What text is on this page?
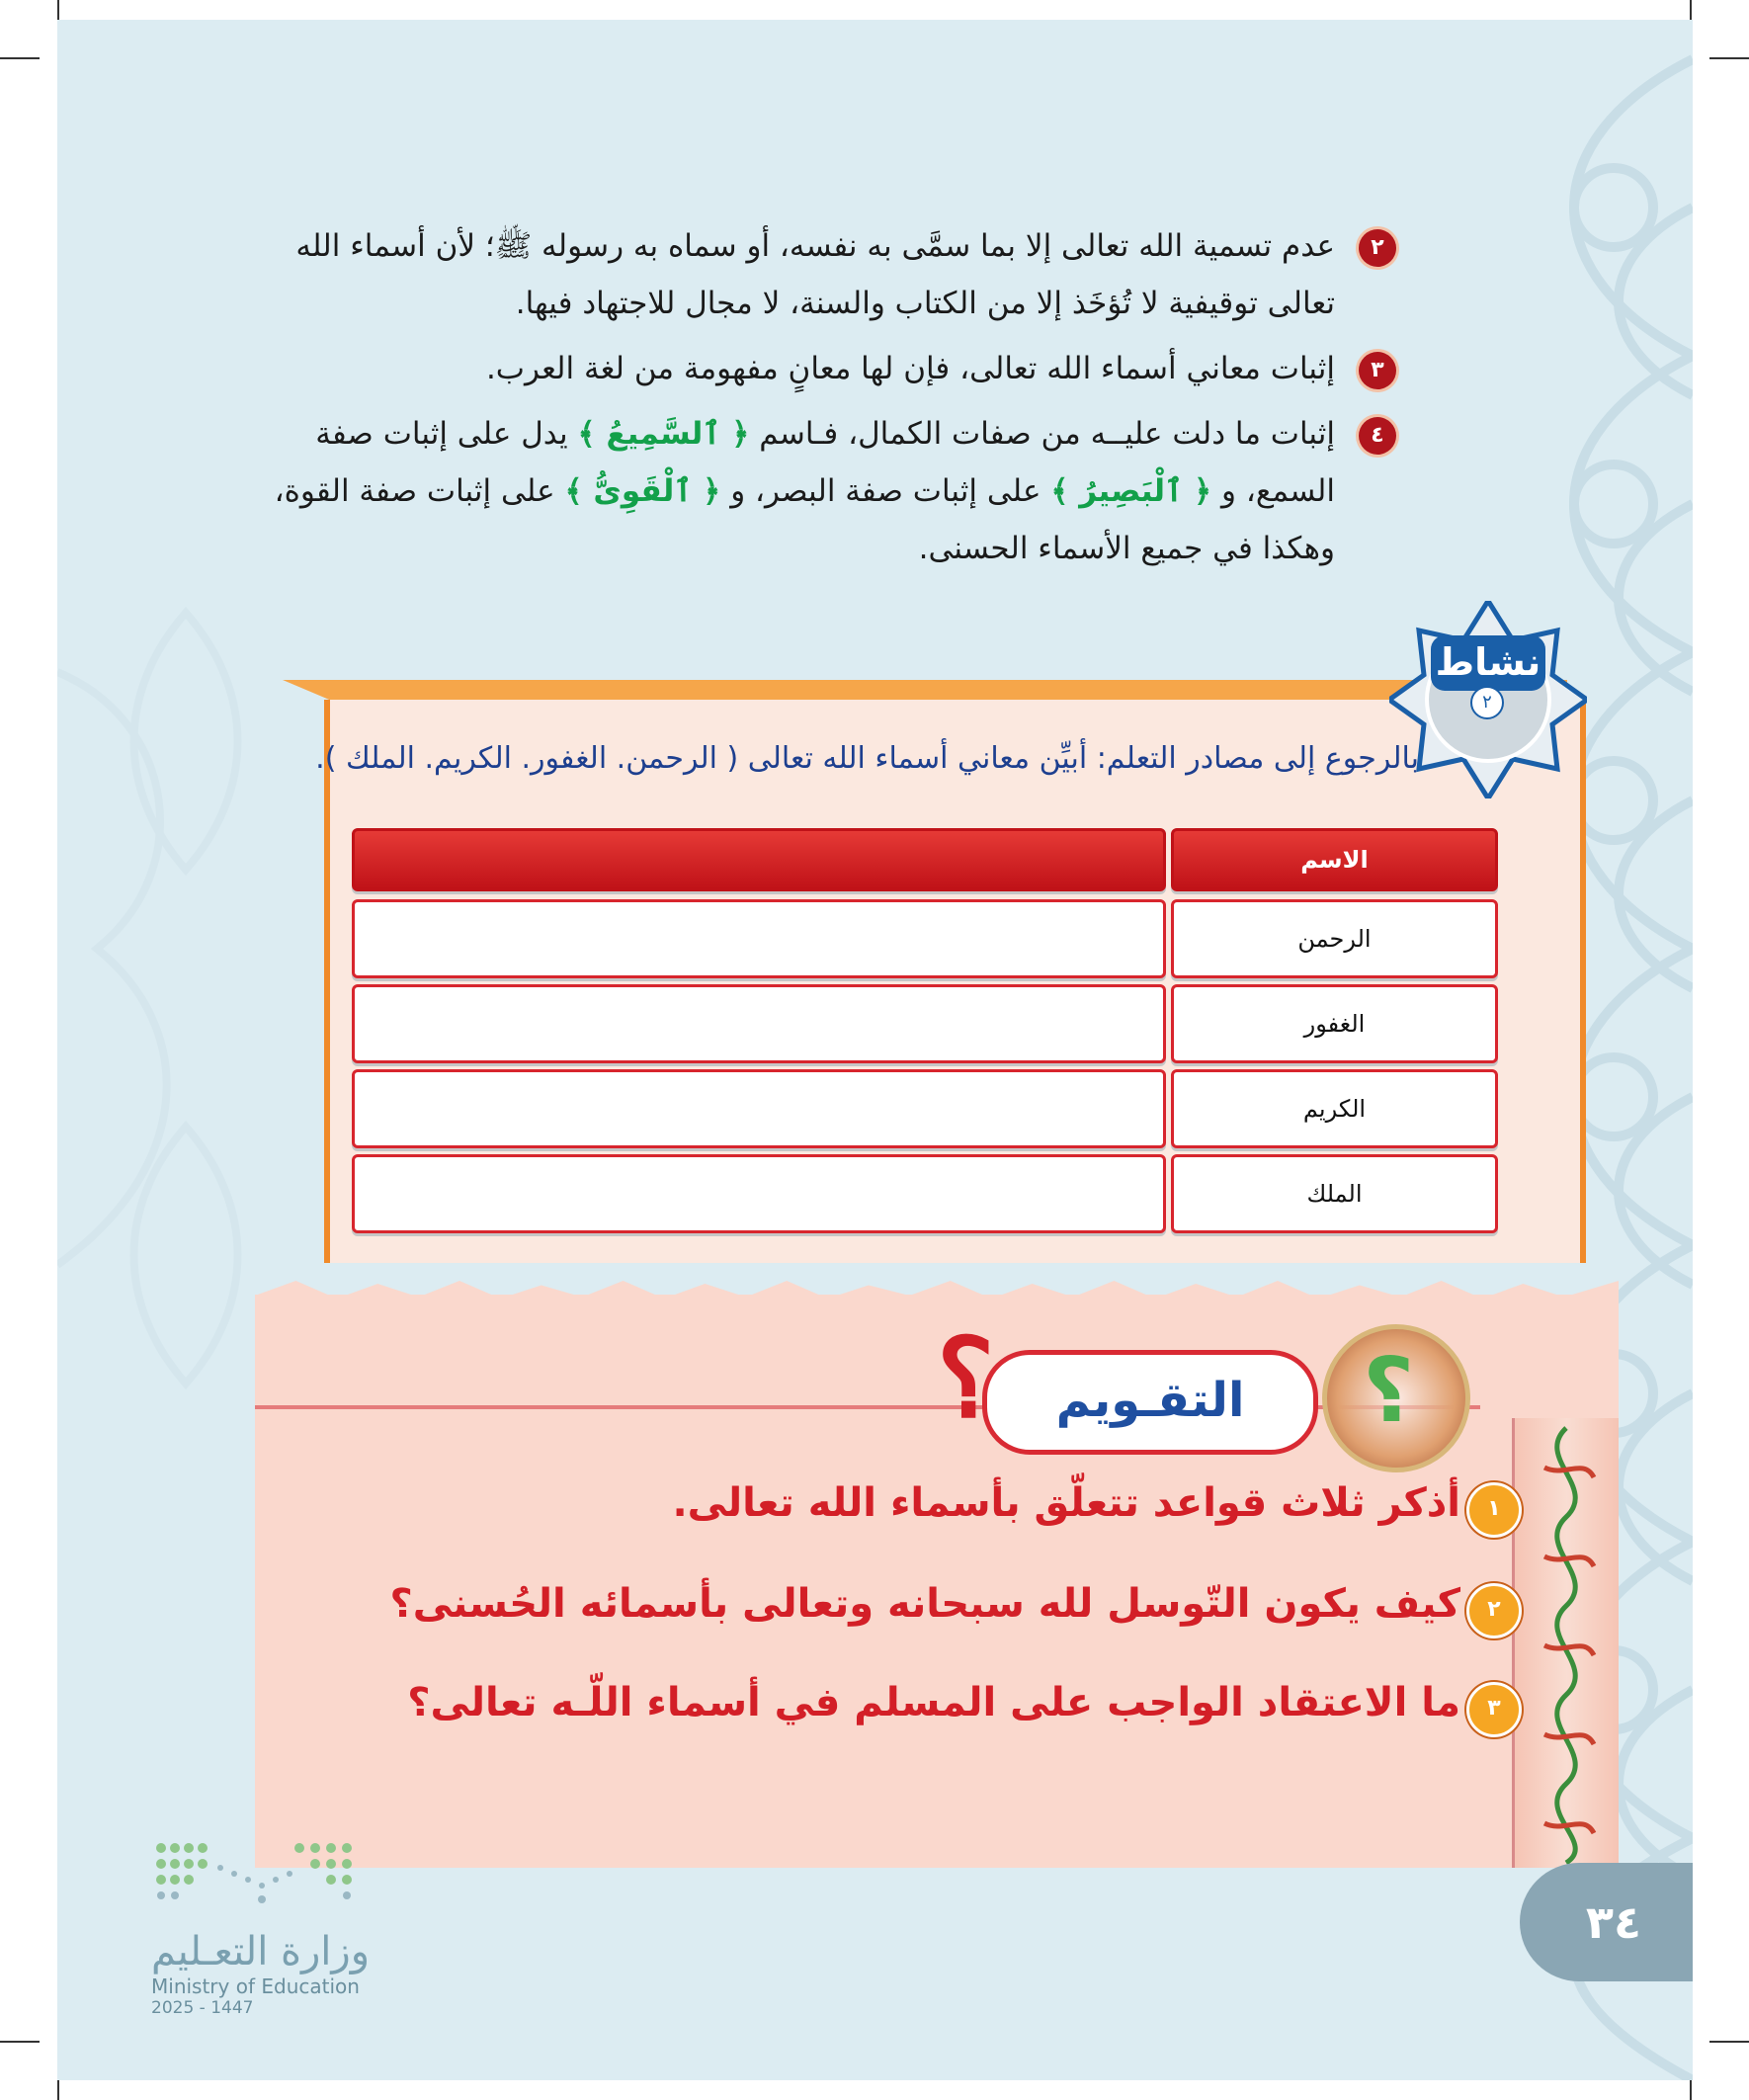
٢
عدم تسمية الله تعالى إلا بما سمَّى به نفسه، أو سماه به رسوله ﷺ؛ لأن أسماء الله تعالى توقيفية لا تُؤخَذ إلا من الكتاب والسنة، لا مجال للاجتهاد فيها.
٣
إثبات معاني أسماء الله تعالى، فإن لها معانٍ مفهومة من لغة العرب.
٤
إثبات ما دلت عليــه من صفات الكمال، فـاسم ﴿ ٱلسَّمِيعُ ﴾ يدل على إثبات صفة السمع، و ﴿ ٱلْبَصِيرُ ﴾ على إثبات صفة البصر، و ﴿ ٱلْقَوِىُّ ﴾ على إثبات صفة القوة، وهكذا في جميع الأسماء الحسنى.
نشاط
٢
بالرجوع إلى مصادر التعلم: أبيِّن معاني أسماء الله تعالى ( الرحمن. الغفور. الكريم. الملك ).
الاسم
الرحمن
الغفور
الكريم
الملك
؟
التقـويم
؟
١
أذكر ثلاث قواعد تتعلّق بأسماء الله تعالى.
٢
كيف يكون التّوسل لله سبحانه وتعالى بأسمائه الحُسنى؟
٣
ما الاعتقاد الواجب على المسلم في أسماء اللّـه تعالى؟
٣٤
وزارة التعـليم
Ministry of Education
2025 - 1447
